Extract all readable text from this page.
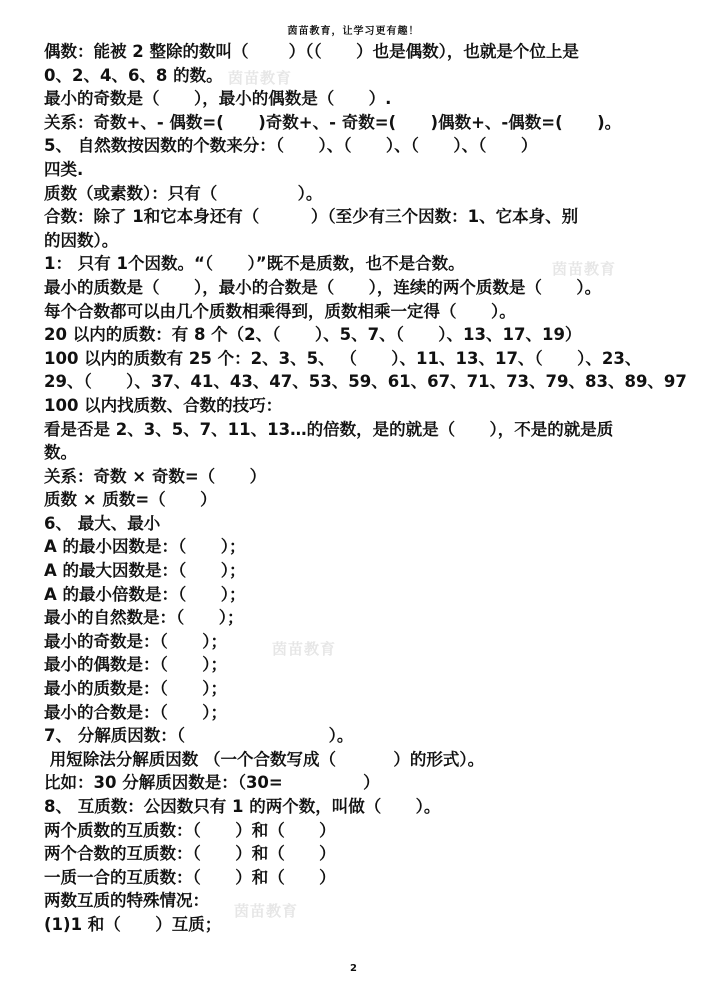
茵苗教育，让学习更有趣！
偶数：能被 2 整除的数叫（       ）（（      ）也是偶数），也就是个位上是
0、2、4、6、8 的数。
最小的奇数是（      ），最小的偶数是（      ）.
关系：奇数+、- 偶数=(      )奇数+、- 奇数=(      )偶数+、-偶数=(      )。
5、 自然数按因数的个数来分：（      ）、（      ）、（      ）、（      ）
四类.
质数（或素数）：只有（              ）。
合数：除了 1和它本身还有（         ）（至少有三个因数：1、它本身、别
的因数）。
1： 只有 1个因数。“（      ）”既不是质数，也不是合数。
最小的质数是（      ），最小的合数是（      ），连续的两个质数是（      ）。
每个合数都可以由几个质数相乘得到，质数相乘一定得（      ）。
20 以内的质数：有 8 个（2、（      ）、5、7、（      ）、13、17、19）
100 以内的质数有 25 个：2、3、5、 （      ）、11、13、17、（      ）、23、
29、（      ）、37、41、43、47、53、59、61、67、71、73、79、83、89、97
100 以内找质数、合数的技巧：
看是否是 2、3、5、7、11、13…的倍数，是的就是（      ），不是的就是质
数。
关系：奇数 × 奇数=（      ）
质数 × 质数=（      ）
6、 最大、最小
A 的最小因数是：（      ）；
A 的最大因数是：（      ）；
A 的最小倍数是：（      ）；
最小的自然数是：（      ）；
最小的奇数是：（      ）；
最小的偶数是：（      ）；
最小的质数是：（      ）；
最小的合数是：（      ）；
7、 分解质因数：（                         ）。
用短除法分解质因数 （一个合数写成（          ）的形式）。
比如：30 分解质因数是：（30=              ）
8、 互质数：公因数只有 1 的两个数，叫做（      ）。
两个质数的互质数：（      ）和（      ）
两个合数的互质数：（      ）和（      ）
一质一合的互质数：（      ）和（      ）
两数互质的特殊情况：
(1)1 和（      ）互质；
茵苗教育
茵苗教育
茵苗教育
茵苗教育
2
